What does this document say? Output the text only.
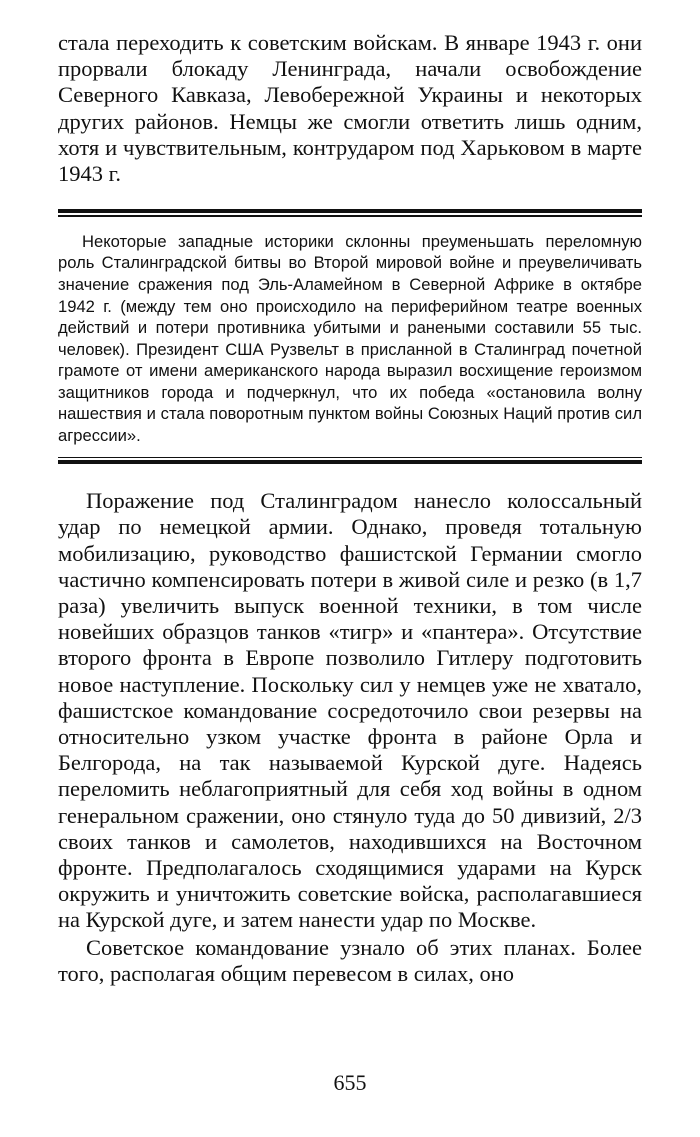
стала переходить к советским войскам. В январе 1943 г. они прорвали блокаду Ленинграда, начали освобождение Северного Кавказа, Левобережной Украины и некоторых других районов. Немцы же смогли ответить лишь одним, хотя и чувствительным, контрударом под Харьковом в марте 1943 г.

Некоторые западные историки склонны преуменьшать переломную роль Сталинградской битвы во Второй мировой войне и преувеличивать значение сражения под Эль-Аламейном в Северной Африке в октябре 1942 г. (между тем оно происходило на периферийном театре военных действий и потери противника убитыми и ранеными составили 55 тыс. человек). Президент США Рузвельт в присланной в Сталинград почетной грамоте от имени американского народа выразил восхищение героизмом защитников города и подчеркнул, что их победа «остановила волну нашествия и стала поворотным пунктом войны Союзных Наций против сил агрессии».

Поражение под Сталинградом нанесло колоссальный удар по немецкой армии. Однако, проведя тотальную мобилизацию, руководство фашистской Германии смогло частично компенсировать потери в живой силе и резко (в 1,7 раза) увеличить выпуск военной техники, в том числе новейших образцов танков «тигр» и «пантера». Отсутствие второго фронта в Европе позволило Гитлеру подготовить новое наступление. Поскольку сил у немцев уже не хватало, фашистское командование сосредоточило свои резервы на относительно узком участке фронта в районе Орла и Белгорода, на так называемой Курской дуге. Надеясь переломить неблагоприятный для себя ход войны в одном генеральном сражении, оно стянуло туда до 50 дивизий, 2/3 своих танков и самолетов, находившихся на Восточном фронте. Предполагалось сходящимися ударами на Курск окружить и уничтожить советские войска, располагавшиеся на Курской дуге, и затем нанести удар по Москве.

Советское командование узнало об этих планах. Более того, располагая общим перевесом в силах, оно

655
